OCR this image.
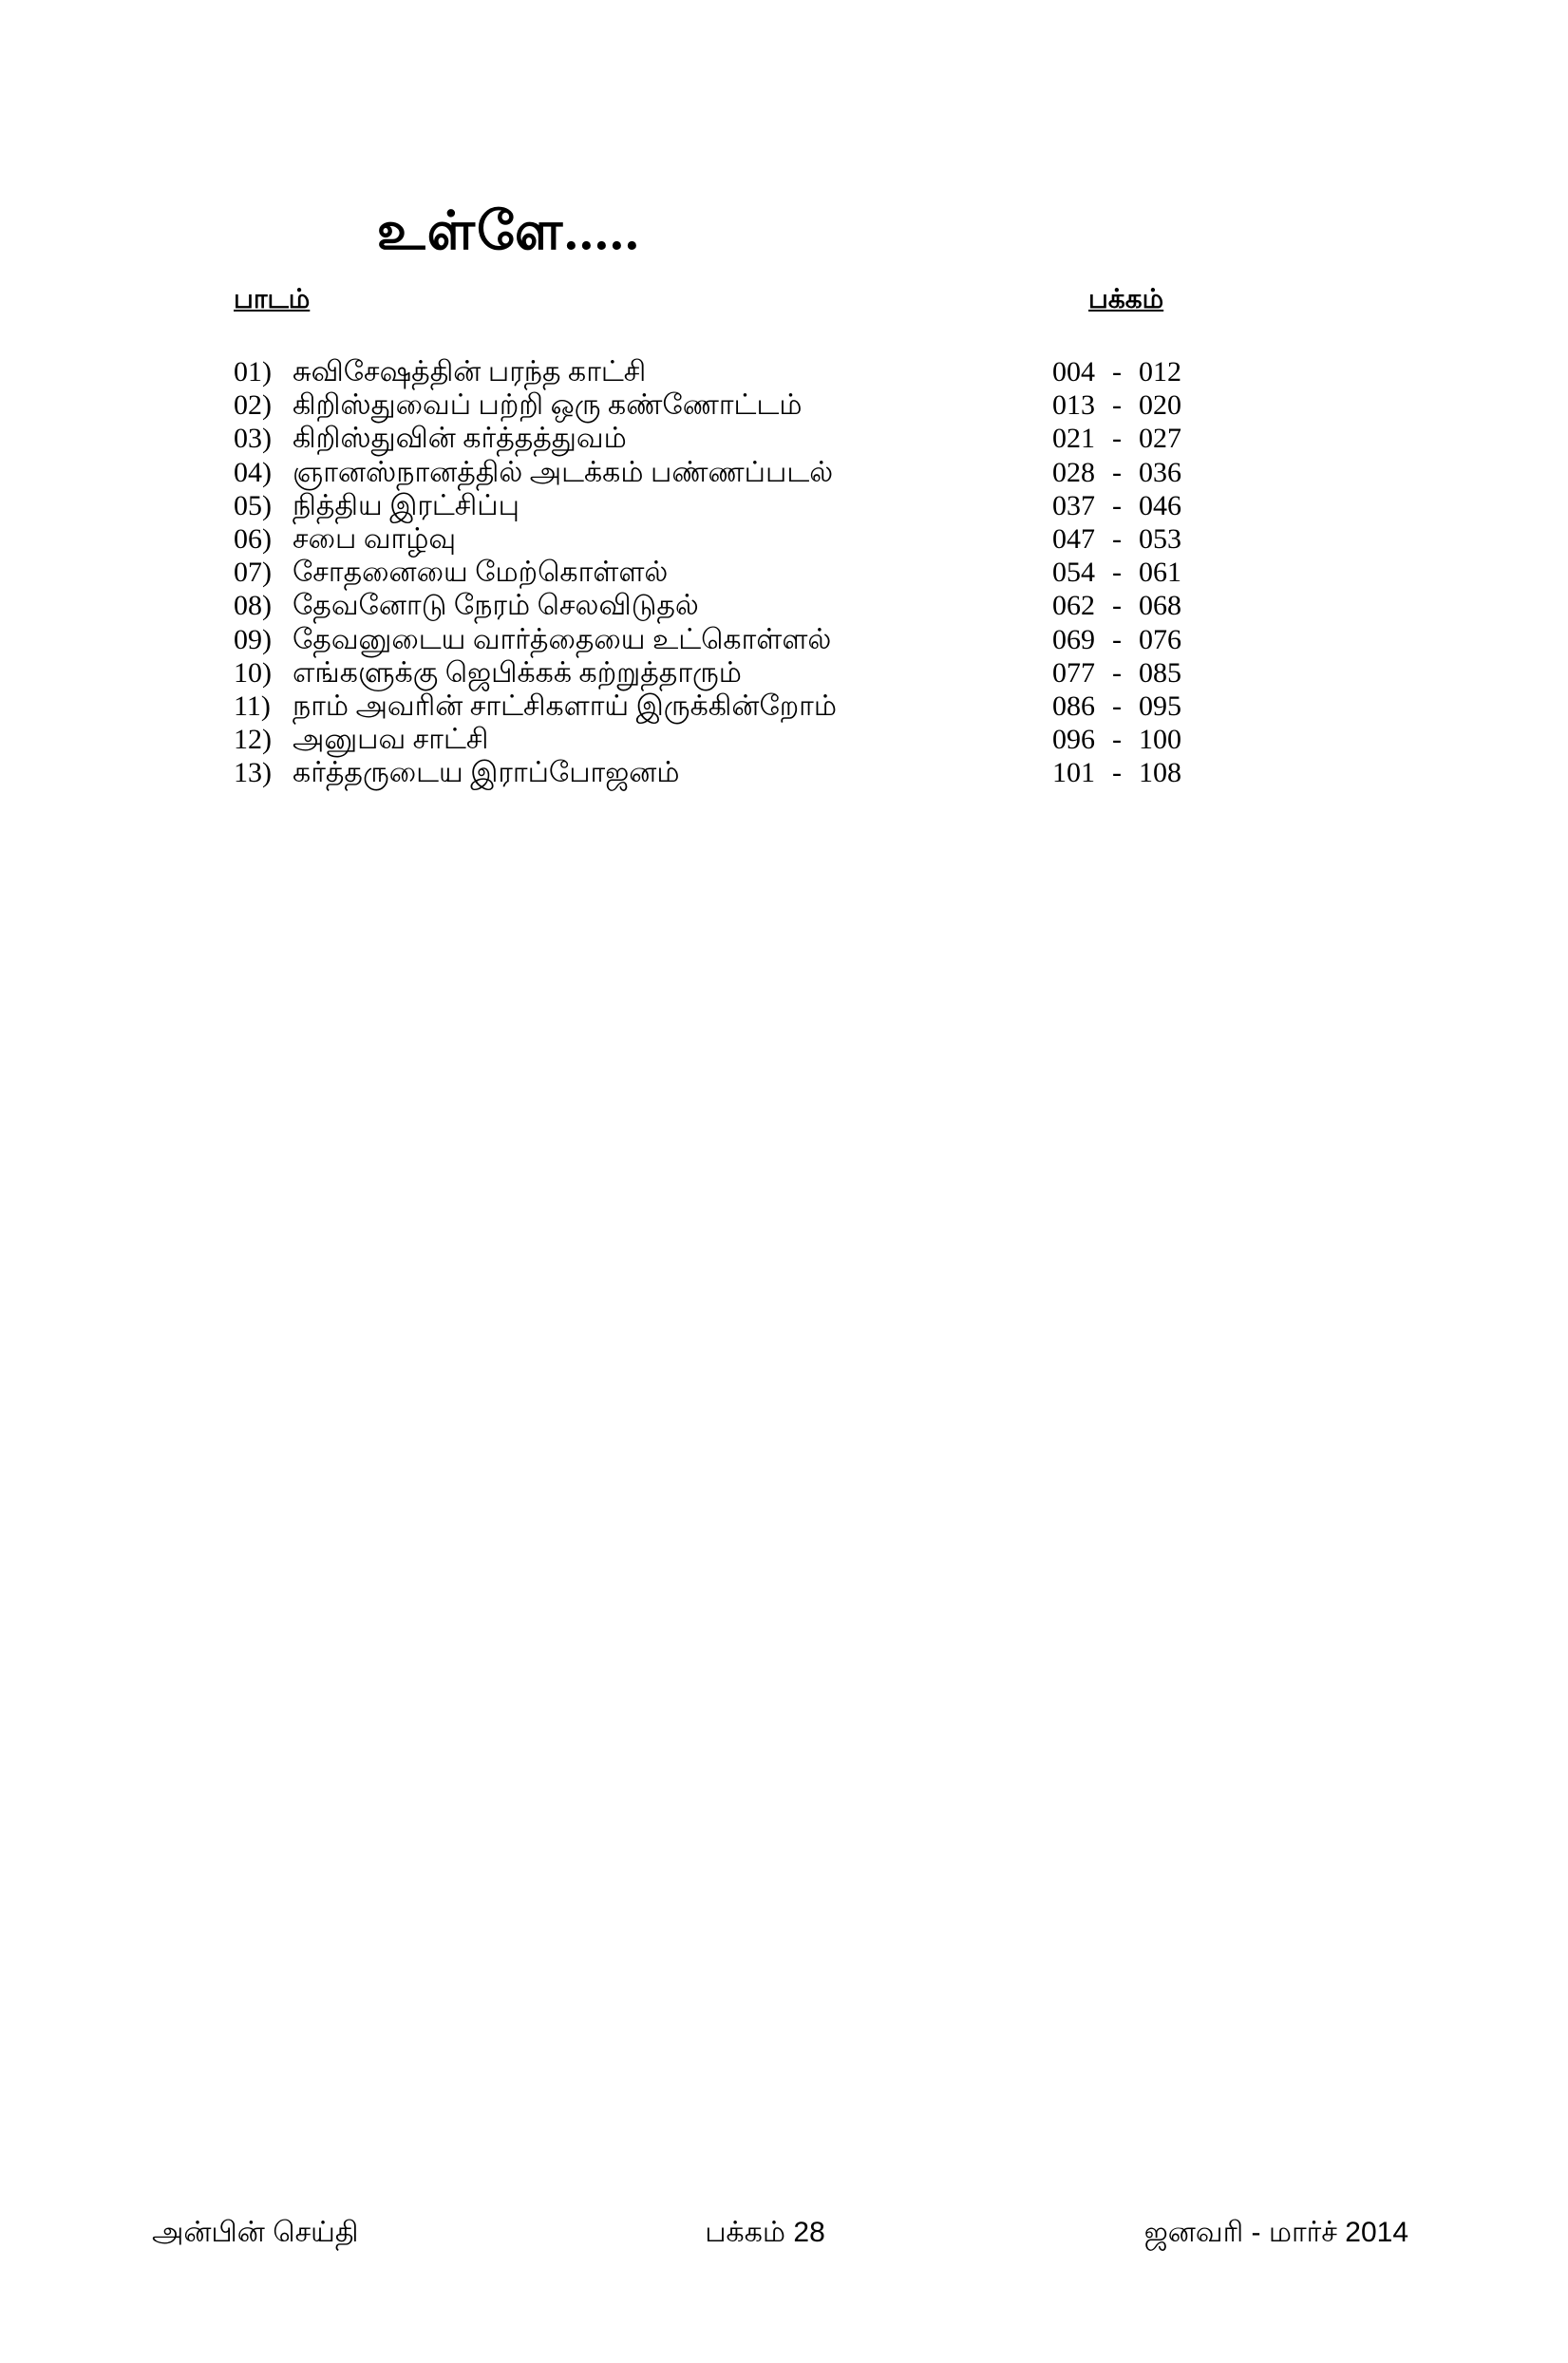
உள்ளே.....
பாடம்	பக்கம்
01) சுவிசேஷத்தின் பரந்த காட்சி	004 - 012
02) கிறிஸ்துவைப் பற்றி ஒரு கண்ணோட்டம்	013 - 020
03) கிறிஸ்துவின் கர்த்தத்துவம்	021 - 027
04) ஞானஸ்நானத்தில் அடக்கம் பண்ணப்படல்	028 - 036
05) நித்திய இரட்சிப்பு	037 - 046
06) சபை வாழ்வு	047 - 053
07) சோதனையை மேற்கொள்ளல்	054 - 061
08) தேவனோடு நேரம் செலவிடுதல்	062 - 068
09) தேவனுடைய வார்த்தையை உட்கொள்ளல்	069 - 076
10) எங்களுக்கு ஜெபிக்கக் கற்றுத்தாரும்	077 - 085
11) நாம் அவரின் சாட்சிகளாய் இருக்கின்றோம்	086 - 095
12) அனுபவ சாட்சி	096 - 100
13) கர்த்தருடைய இராப்போஜனம்	101 - 108
அன்பின் செய்தி	பக்கம் 28	ஜனவரி - மார்ச் 2014
